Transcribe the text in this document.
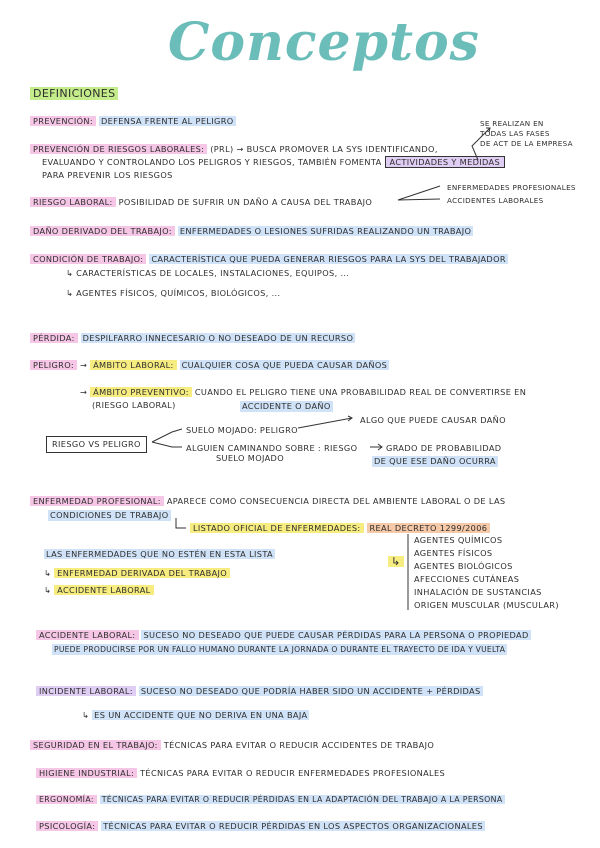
Conceptos
DEFINICIONES
PREVENCIÓN: DEFENSA FRENTE AL PELIGRO
PREVENCIÓN DE RIESGOS LABORALES: (PRL) → BUSCA PROMOVER LA SYS IDENTIFICANDO,
EVALUANDO Y CONTROLANDO LOS PELIGROS Y RIESGOS, TAMBIÉN FOMENTA ACTIVIDADES Y MEDIDAS
PARA PREVENIR LOS RIESGOS
SE REALIZAN EN
TODAS LAS FASES
DE ACT DE LA EMPRESA
RIESGO LABORAL: POSIBILIDAD DE SUFRIR UN DAÑO A CAUSA DEL TRABAJO
ENFERMEDADES PROFESIONALES
ACCIDENTES LABORALES
DAÑO DERIVADO DEL TRABAJO: ENFERMEDADES O LESIONES SUFRIDAS REALIZANDO UN TRABAJO
CONDICIÓN DE TRABAJO: CARACTERÍSTICA QUE PUEDA GENERAR RIESGOS PARA LA SYS DEL TRABAJADOR
↳ CARACTERÍSTICAS DE LOCALES, INSTALACIONES, EQUIPOS, ...
↳ AGENTES FÍSICOS, QUÍMICOS, BIOLÓGICOS, ...
PÉRDIDA: DESPILFARRO INNECESARIO O NO DESEADO DE UN RECURSO
PELIGRO: → ÁMBITO LABORAL: CUALQUIER COSA QUE PUEDA CAUSAR DAÑOS
→ ÁMBITO PREVENTIVO: CUANDO EL PELIGRO TIENE UNA PROBABILIDAD REAL DE CONVERTIRSE EN
(RIESGO LABORAL)	ACCIDENTE O DAÑO
RIESGO VS PELIGRO
SUELO MOJADO: PELIGRO
ALGO QUE PUEDE CAUSAR DAÑO
ALGUIEN CAMINANDO SOBRE : RIESGO
SUELO MOJADO
GRADO DE PROBABILIDAD
DE QUE ESE DAÑO OCURRA
ENFERMEDAD PROFESIONAL: APARECE COMO CONSECUENCIA DIRECTA DEL AMBIENTE LABORAL O DE LAS
CONDICIONES DE TRABAJO
LISTADO OFICIAL DE ENFERMEDADES: REAL DECRETO 1299/2006
LAS ENFERMEDADES QUE NO ESTÉN EN ESTA LISTA
↳ ENFERMEDAD DERIVADA DEL TRABAJO
↳ ACCIDENTE LABORAL
↳
AGENTES QUÍMICOS
AGENTES FÍSICOS
AGENTES BIOLÓGICOS
AFECCIONES CUTÁNEAS
INHALACIÓN DE SUSTANCIAS
ORIGEN MUSCULAR (MUSCULAR)
ACCIDENTE LABORAL: SUCESO NO DESEADO QUE PUEDE CAUSAR PÉRDIDAS PARA LA PERSONA O PROPIEDAD
PUEDE PRODUCIRSE POR UN FALLO HUMANO DURANTE LA JORNADA O DURANTE EL TRAYECTO DE IDA Y VUELTA
INCIDENTE LABORAL: SUCESO NO DESEADO QUE PODRÍA HABER SIDO UN ACCIDENTE + PÉRDIDAS
↳ ES UN ACCIDENTE QUE NO DERIVA EN UNA BAJA
SEGURIDAD EN EL TRABAJO: TÉCNICAS PARA EVITAR O REDUCIR ACCIDENTES DE TRABAJO
HIGIENE INDUSTRIAL: TÉCNICAS PARA EVITAR O REDUCIR ENFERMEDADES PROFESIONALES
ERGONOMÍA: TÉCNICAS PARA EVITAR O REDUCIR PÉRDIDAS EN LA ADAPTACIÓN DEL TRABAJO A LA PERSONA
PSICOLOGÍA: TÉCNICAS PARA EVITAR O REDUCIR PÉRDIDAS EN LOS ASPECTOS ORGANIZACIONALES
